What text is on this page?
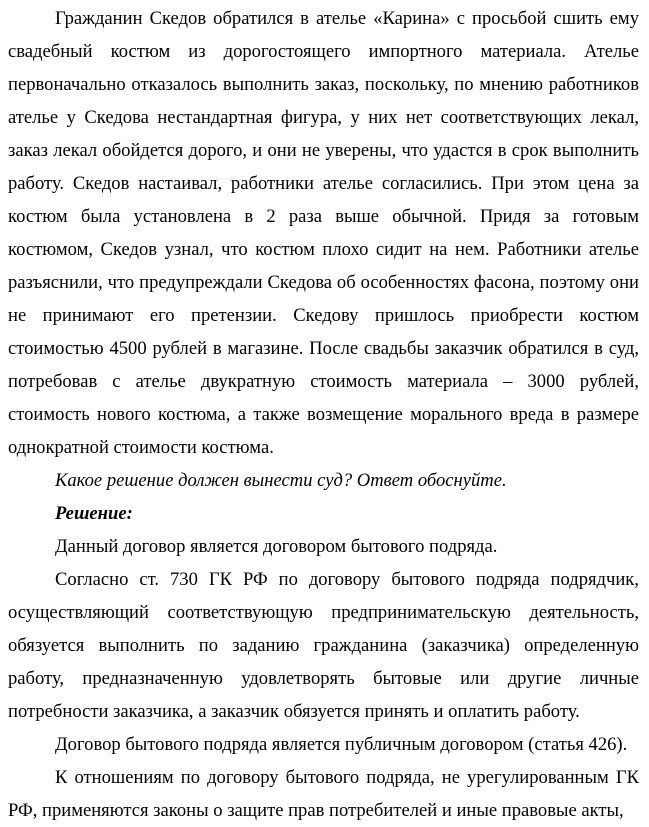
Гражданин Скедов обратился в ателье «Карина» с просьбой сшить ему свадебный костюм из дорогостоящего импортного материала. Ателье первоначально отказалось выполнить заказ, поскольку, по мнению работников ателье у Скедова нестандартная фигура, у них нет соответствующих лекал, заказ лекал обойдется дорого, и они не уверены, что удастся в срок выполнить работу. Скедов настаивал, работники ателье согласились. При этом цена за костюм была установлена в 2 раза выше обычной. Придя за готовым костюмом, Скедов узнал, что костюм плохо сидит на нем. Работники ателье разъяснили, что предупреждали Скедова об особенностях фасона, поэтому они не принимают его претензии. Скедову пришлось приобрести костюм стоимостью 4500 рублей в магазине. После свадьбы заказчик обратился в суд, потребовав с ателье двукратную стоимость материала – 3000 рублей, стоимость нового костюма, а также возмещение морального вреда в размере однократной стоимости костюма.

Какое решение должен вынести суд? Ответ обоснуйте.

Решение:

Данный договор является договором бытового подряда.

Согласно ст. 730 ГК РФ по договору бытового подряда подрядчик, осуществляющий соответствующую предпринимательскую деятельность, обязуется выполнить по заданию гражданина (заказчика) определенную работу, предназначенную удовлетворять бытовые или другие личные потребности заказчика, а заказчик обязуется принять и оплатить работу.

Договор бытового подряда является публичным договором (статья 426).

К отношениям по договору бытового подряда, не урегулированным ГК РФ, применяются законы о защите прав потребителей и иные правовые акты,
